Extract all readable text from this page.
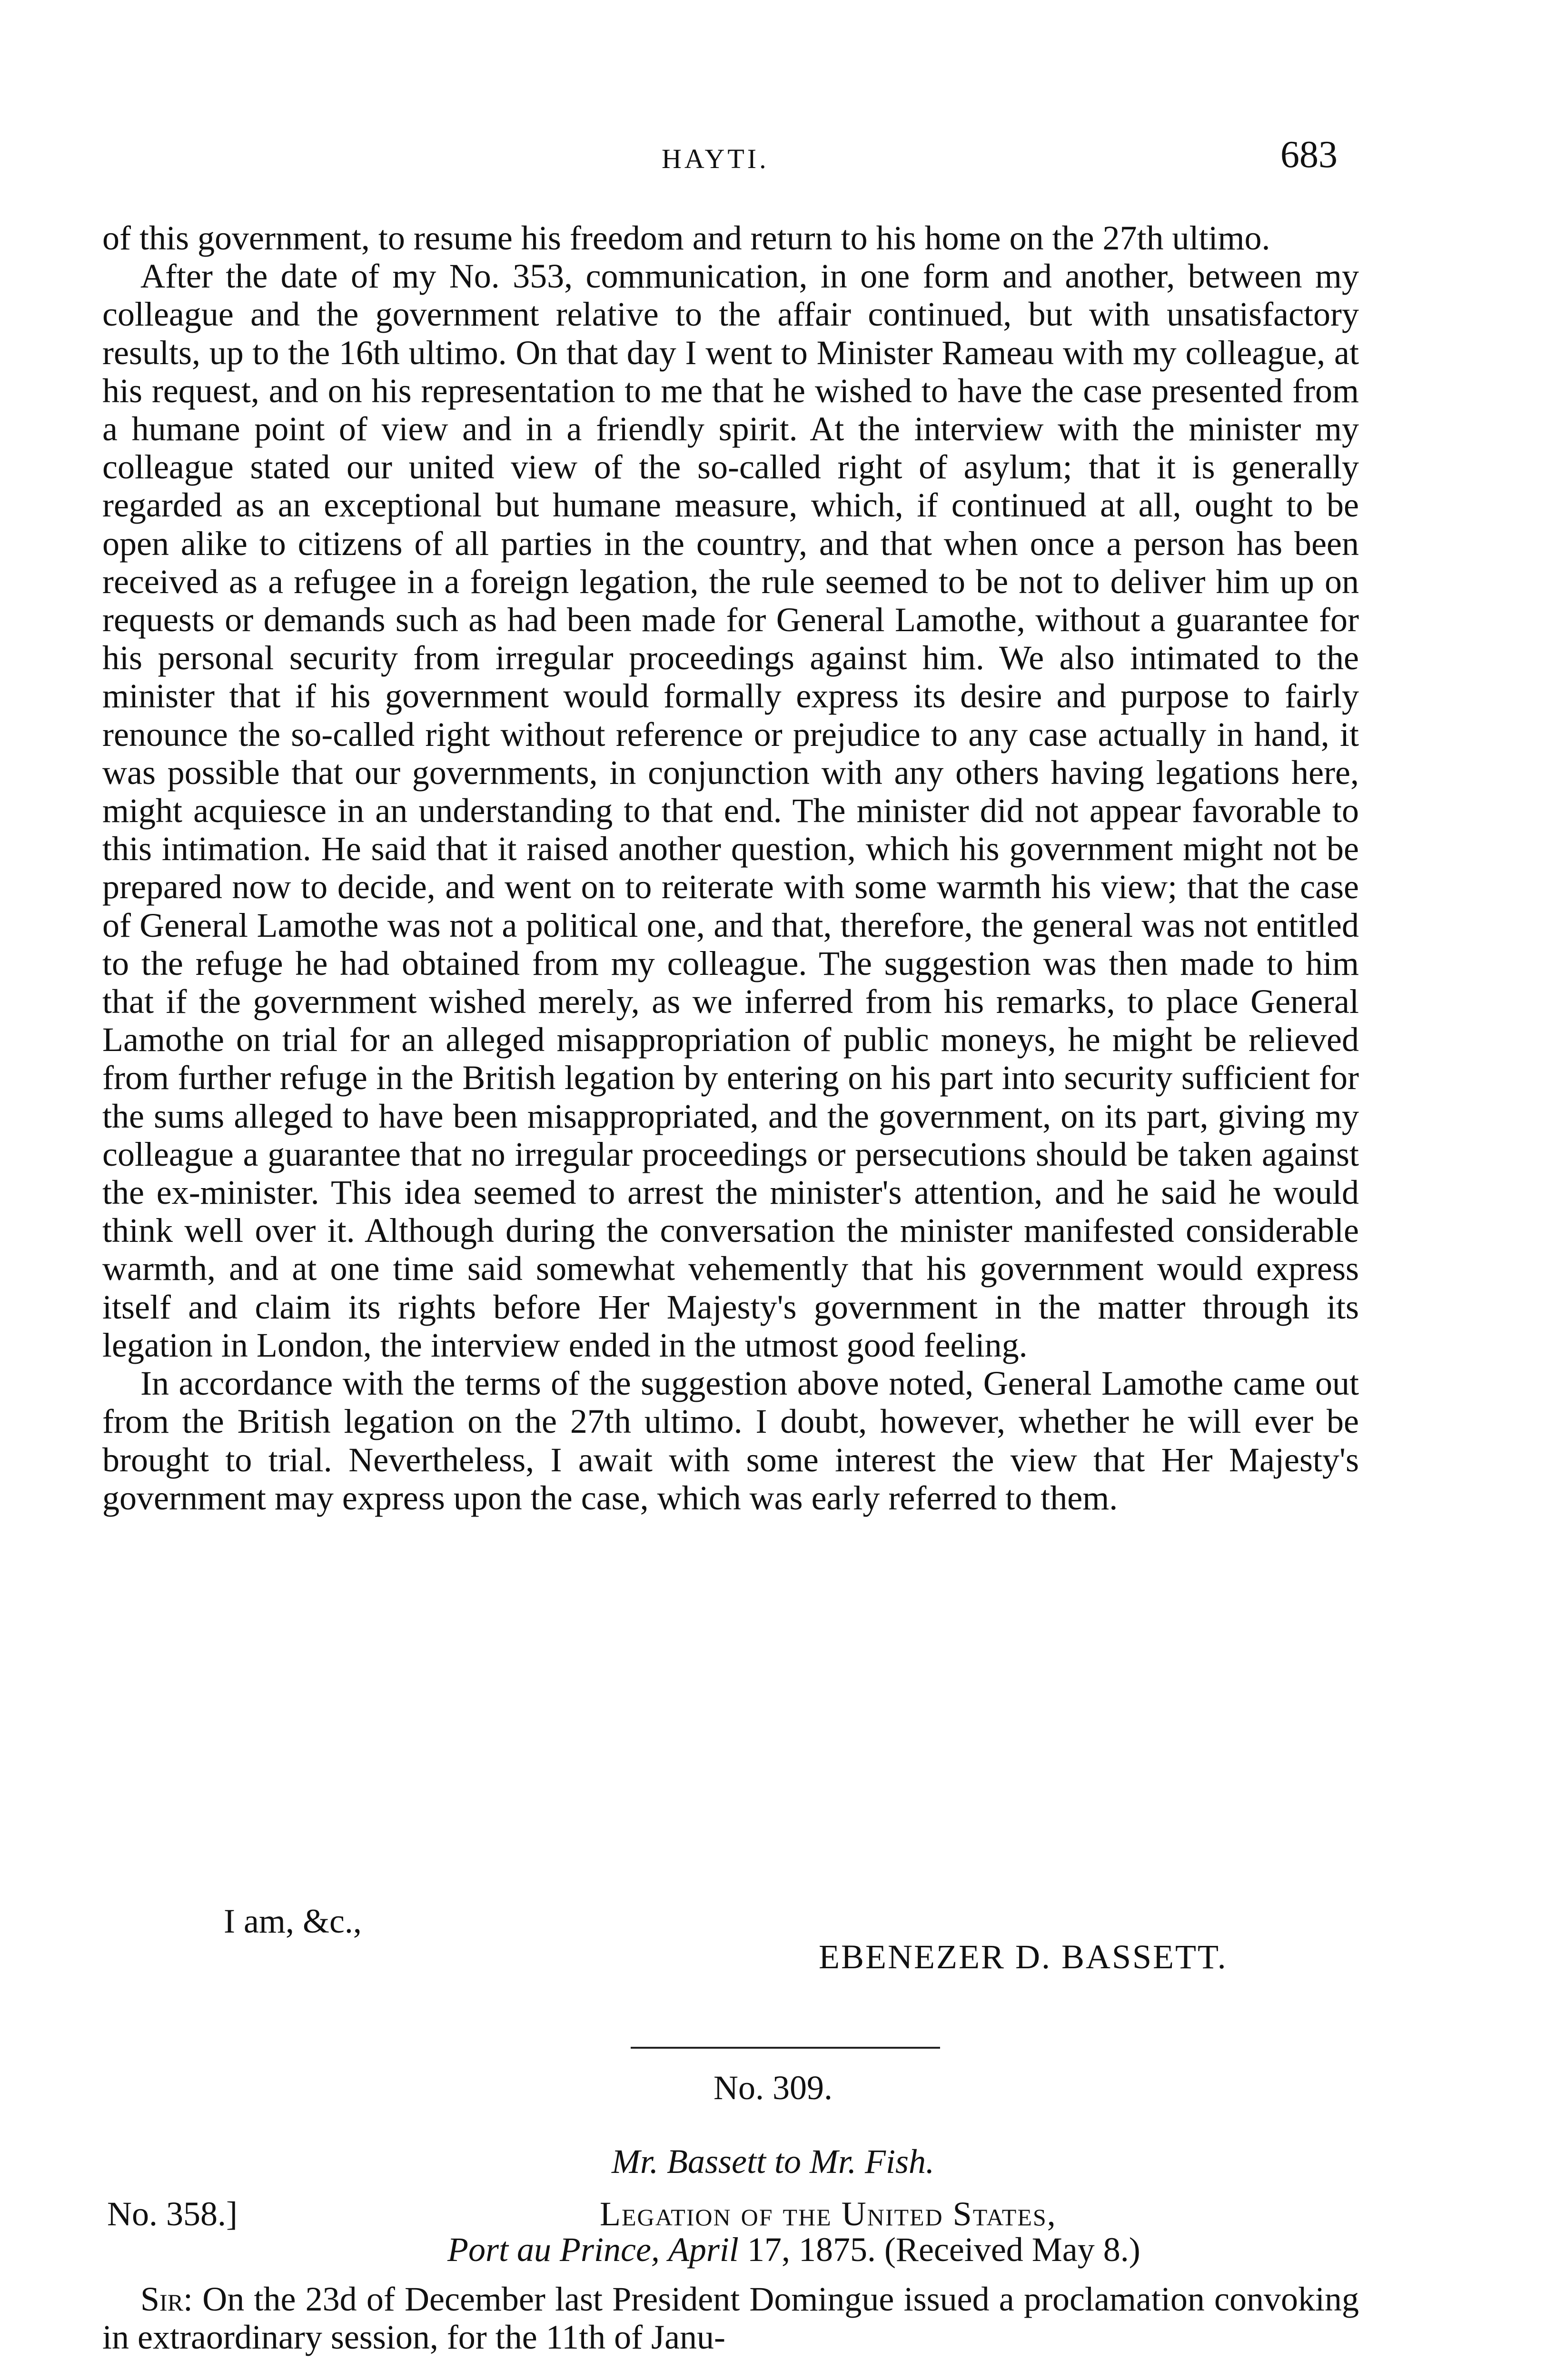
HAYTI.	683

of this government, to resume his freedom and return to his home on the 27th ultimo.

After the date of my No. 353, communication, in one form and another, between my colleague and the government relative to the affair continued, but with unsatisfactory results, up to the 16th ultimo. On that day I went to Minister Rameau with my colleague, at his request, and on his representation to me that he wished to have the case presented from a humane point of view and in a friendly spirit. At the interview with the minister my colleague stated our united view of the so-called right of asylum; that it is generally regarded as an exceptional but humane measure, which, if continued at all, ought to be open alike to citizens of all parties in the country, and that when once a person has been received as a refugee in a foreign legation, the rule seemed to be not to deliver him up on requests or demands such as had been made for General Lamothe, without a guarantee for his personal security from irregular proceedings against him. We also intimated to the minister that if his government would formally express its desire and purpose to fairly renounce the so-called right without reference or prejudice to any case actually in hand, it was possible that our governments, in conjunction with any others having legations here, might acquiesce in an understanding to that end. The minister did not appear favorable to this intimation. He said that it raised another question, which his government might not be prepared now to decide, and went on to reiterate with some warmth his view; that the case of General Lamothe was not a political one, and that, therefore, the general was not entitled to the refuge he had obtained from my colleague. The suggestion was then made to him that if the government wished merely, as we inferred from his remarks, to place General Lamothe on trial for an alleged misappropriation of public moneys, he might be relieved from further refuge in the British legation by entering on his part into security sufficient for the sums alleged to have been misappropriated, and the government, on its part, giving my colleague a guarantee that no irregular proceedings or persecutions should be taken against the ex-minister. This idea seemed to arrest the minister's attention, and he said he would think well over it. Although during the conversation the minister manifested considerable warmth, and at one time said somewhat vehemently that his government would express itself and claim its rights before Her Majesty's government in the matter through its legation in London, the interview ended in the utmost good feeling.

In accordance with the terms of the suggestion above noted, General Lamothe came out from the British legation on the 27th ultimo. I doubt, however, whether he will ever be brought to trial. Nevertheless, I await with some interest the view that Her Majesty's government may express upon the case, which was early referred to them.

I am, &c.,
EBENEZER D. BASSETT.
No. 309.
Mr. Bassett to Mr. Fish.
No. 358.]	Legation of the United States,
Port au Prince, April 17, 1875. (Received May 8.)

Sir: On the 23d of December last President Domingue issued a proclamation convoking in extraordinary session, for the 11th of Janu-
